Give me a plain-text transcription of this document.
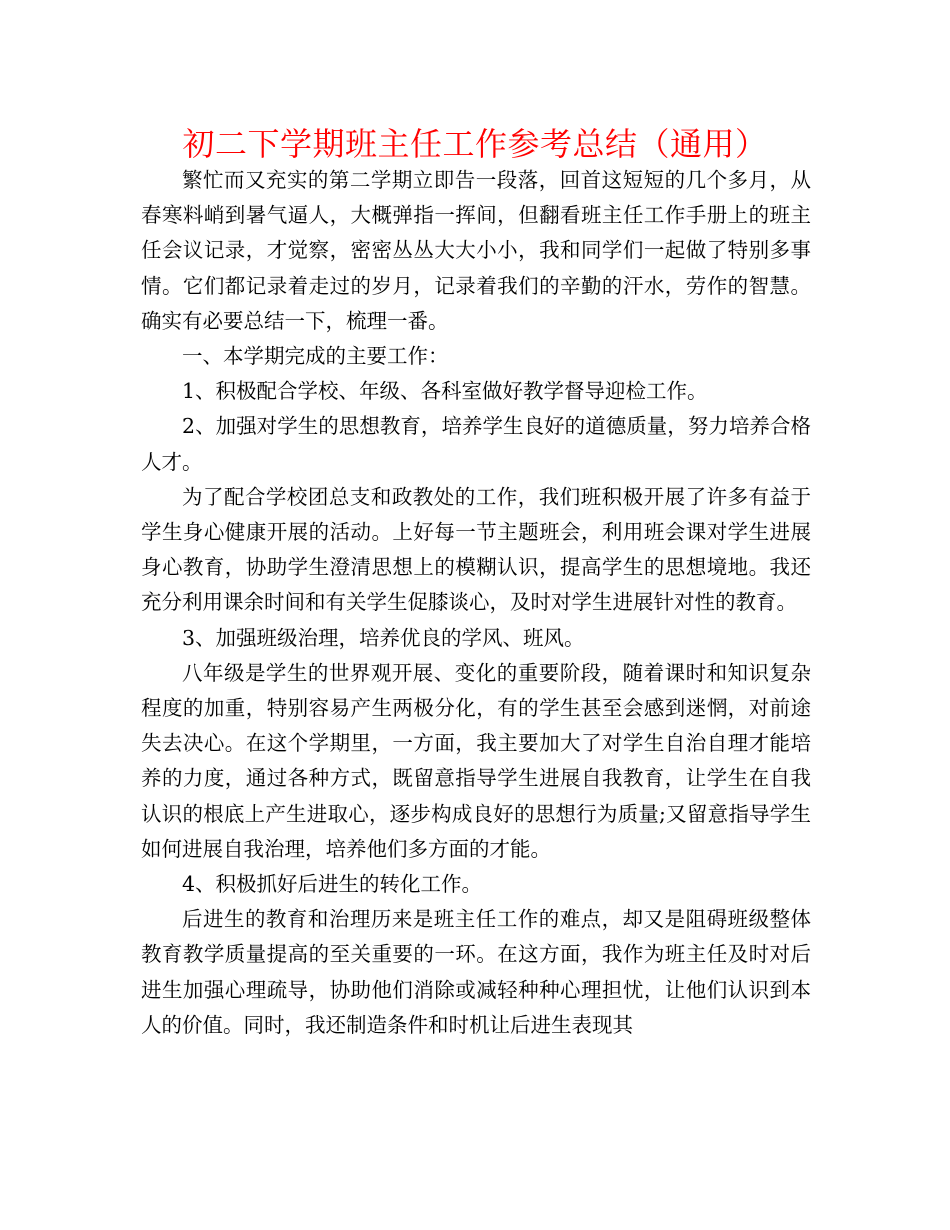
初二下学期班主任工作参考总结（通用）

繁忙而又充实的第二学期立即告一段落，回首这短短的几个多月，从春寒料峭到暑气逼人，大概弹指一挥间，但翻看班主任工作手册上的班主任会议记录，才觉察，密密丛丛大大小小，我和同学们一起做了特别多事情。它们都记录着走过的岁月，记录着我们的辛勤的汗水，劳作的智慧。确实有必要总结一下，梳理一番。

一、本学期完成的主要工作：

1、积极配合学校、年级、各科室做好教学督导迎检工作。

2、加强对学生的思想教育，培养学生良好的道德质量，努力培养合格人才。

为了配合学校团总支和政教处的工作，我们班积极开展了许多有益于学生身心健康开展的活动。上好每一节主题班会，利用班会课对学生进展身心教育，协助学生澄清思想上的模糊认识，提高学生的思想境地。我还充分利用课余时间和有关学生促膝谈心，及时对学生进展针对性的教育。

3、加强班级治理，培养优良的学风、班风。

八年级是学生的世界观开展、变化的重要阶段，随着课时和知识复杂程度的加重，特别容易产生两极分化，有的学生甚至会感到迷惘，对前途失去决心。在这个学期里，一方面，我主要加大了对学生自治自理才能培养的力度，通过各种方式，既留意指导学生进展自我教育，让学生在自我认识的根底上产生进取心，逐步构成良好的思想行为质量;又留意指导学生如何进展自我治理，培养他们多方面的才能。

4、积极抓好后进生的转化工作。

后进生的教育和治理历来是班主任工作的难点，却又是阻碍班级整体教育教学质量提高的至关重要的一环。在这方面，我作为班主任及时对后进生加强心理疏导，协助他们消除或减轻种种心理担忧，让他们认识到本人的价值。同时，我还制造条件和时机让后进生表现其
